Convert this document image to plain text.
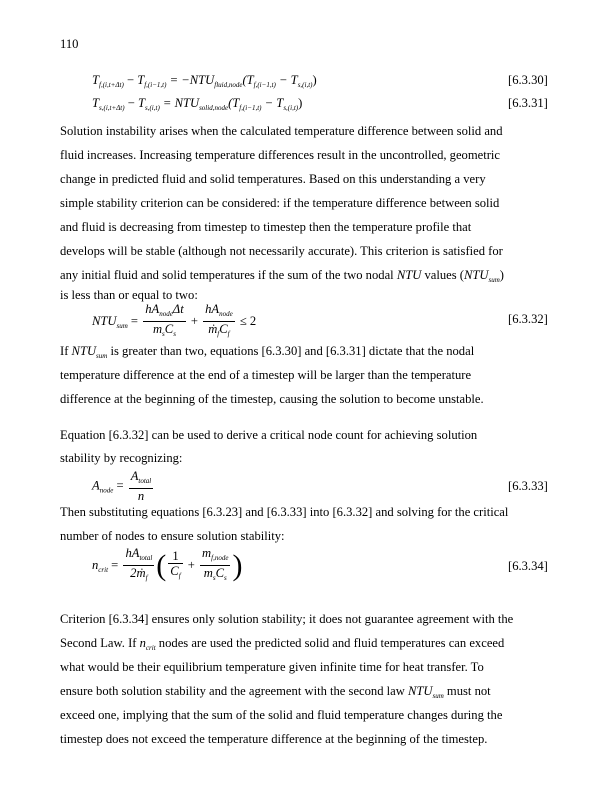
110
$T_{f,(i,t+\Delta t)} - T_{f,(i-1,t)} = -NTU_{fluid,node}(T_{f,(i-1,t)} - T_{s,(i,t)})$	[6.3.30]
$T_{s,(i,t+\Delta t)} - T_{s,(i,t)} = NTU_{solid,node}(T_{f,(i-1,t)} - T_{s,(i,t)})$	[6.3.31]
Solution instability arises when the calculated temperature difference between solid and
fluid increases. Increasing temperature differences result in the uncontrolled, geometric
change in predicted fluid and solid temperatures. Based on this understanding a very
simple stability criterion can be considered: if the temperature difference between solid
and fluid is decreasing from timestep to timestep then the temperature profile that
develops will be stable (although not necessarily accurate). This criterion is satisfied for
any initial fluid and solid temperatures if the sum of the two nodal NTU values $(NTU_{sum})$
is less than or equal to two:
$NTU_{sum} = \frac{hA_{node}\Delta t}{m_sC_s} + \frac{hA_{node}}{ṁ_fC_f} \le 2$	[6.3.32]
If $NTU_{sum}$ is greater than two, equations [6.3.30] and [6.3.31] dictate that the nodal
temperature difference at the end of a timestep will be larger than the temperature
difference at the beginning of the timestep, causing the solution to become unstable.
Equation [6.3.32] can be used to derive a critical node count for achieving solution
stability by recognizing:
$A_{node} = \frac{A_{total}}{n}$	[6.3.33]
Then substituting equations [6.3.23] and [6.3.33] into [6.3.32] and solving for the critical
number of nodes to ensure solution stability:
$n_{crit} = \frac{hA_{total}}{2ṁ_f}$ ( $\frac{1}{C_f} + \frac{m_{f,node}}{m_sC_s}$ )	[6.3.34]
Criterion [6.3.34] ensures only solution stability; it does not guarantee agreement with the
Second Law. If $n_{crit}$ nodes are used the predicted solid and fluid temperatures can exceed
what would be their equilibrium temperature given infinite time for heat transfer. To
ensure both solution stability and the agreement with the second law $NTU_{sum}$ must not
exceed one, implying that the sum of the solid and fluid temperature changes during the
timestep does not exceed the temperature difference at the beginning of the timestep.
